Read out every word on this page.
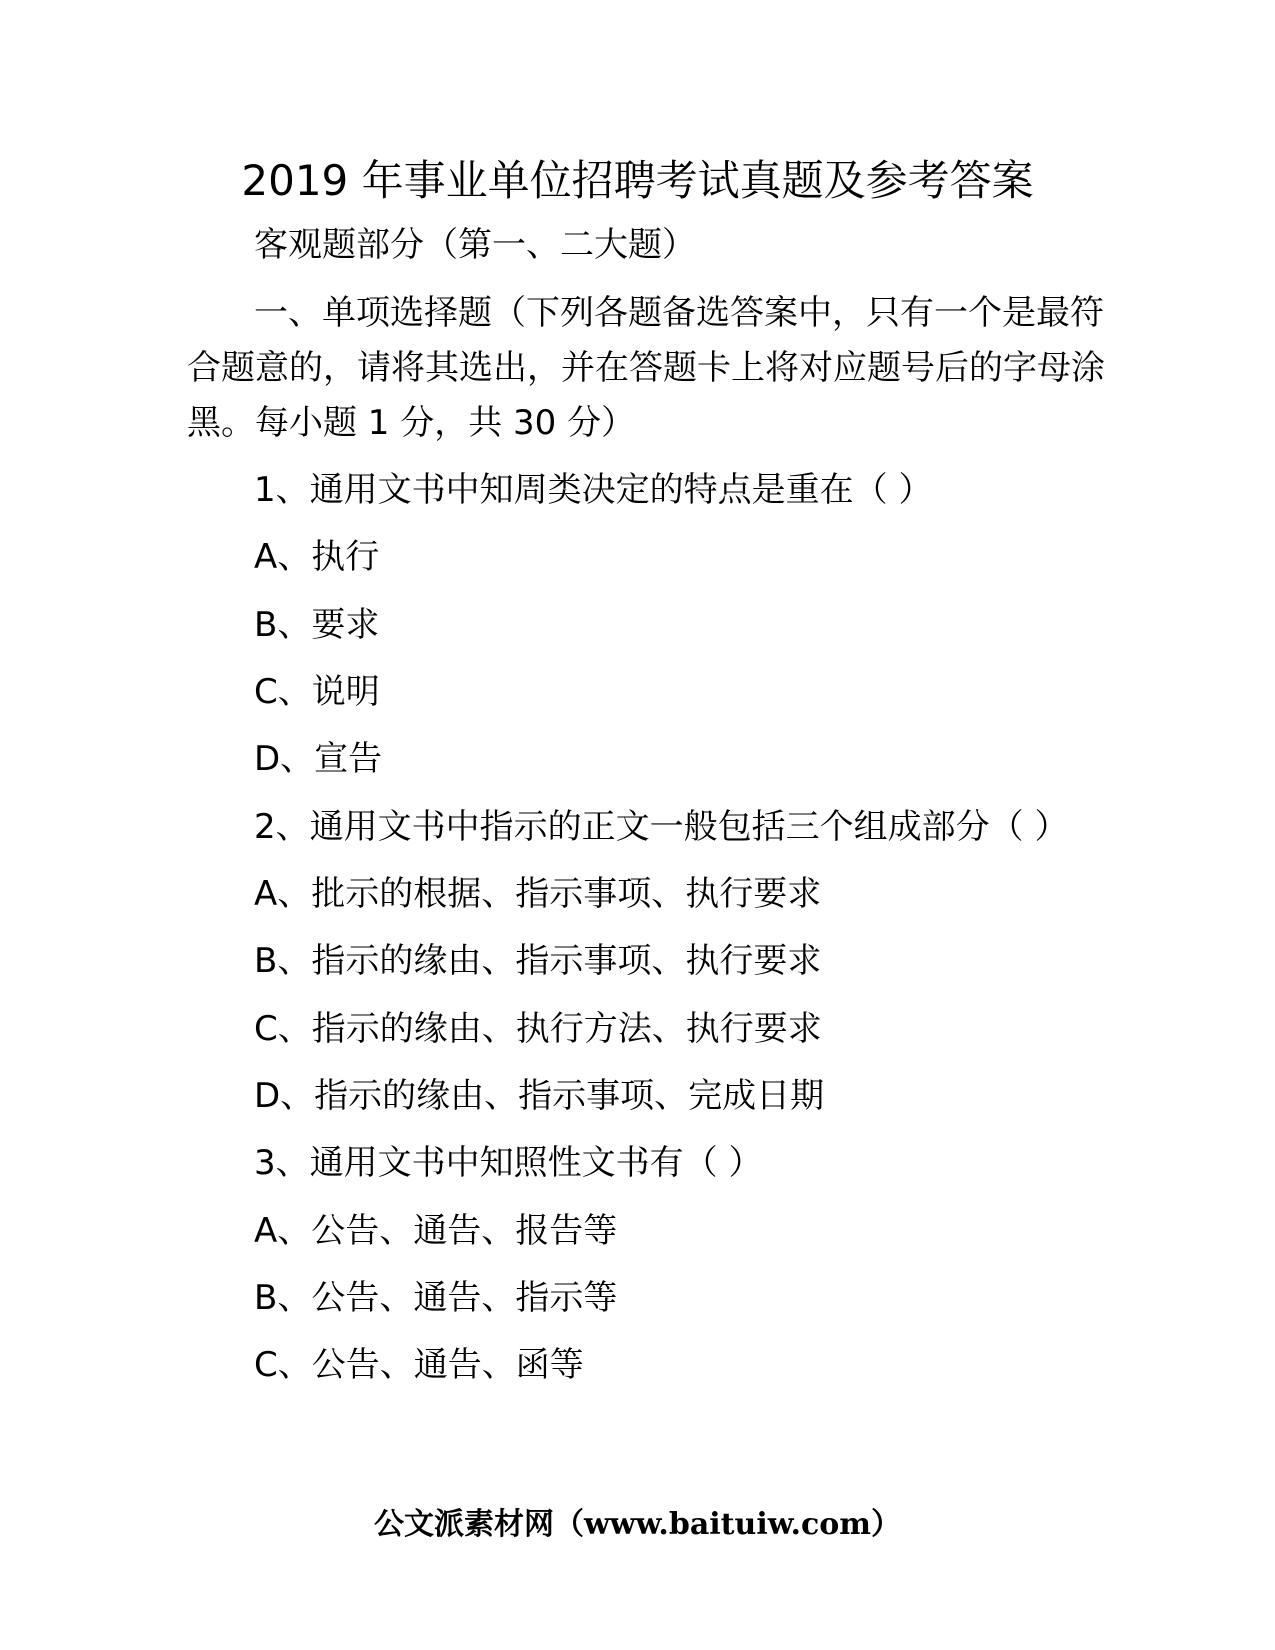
2019 年事业单位招聘考试真题及参考答案
客观题部分（第一、二大题）
一、单项选择题（下列各题备选答案中，只有一个是最符
合题意的，请将其选出，并在答题卡上将对应题号后的字母涂
黑。每小题 1 分，共 30 分）
1、通用文书中知周类决定的特点是重在（ ）
A、执行
B、要求
C、说明
D、宣告
2、通用文书中指示的正文一般包括三个组成部分（ ）
A、批示的根据、指示事项、执行要求
B、指示的缘由、指示事项、执行要求
C、指示的缘由、执行方法、执行要求
D、指示的缘由、指示事项、完成日期
3、通用文书中知照性文书有（ ）
A、公告、通告、报告等
B、公告、通告、指示等
C、公告、通告、函等
公文派素材网（www.baituiw.com）
